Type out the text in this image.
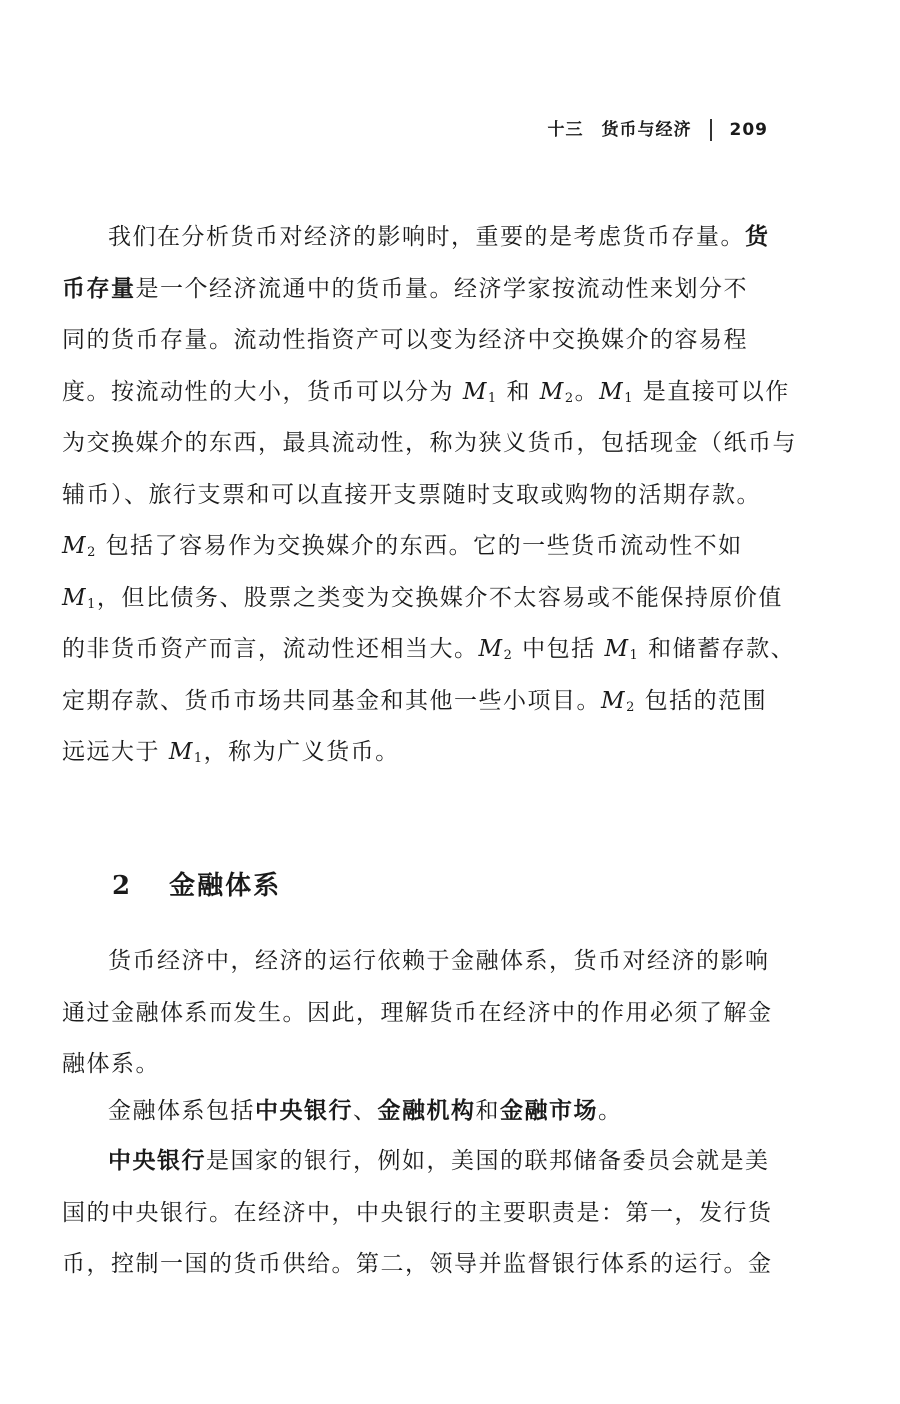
十三 货币与经济 209

我们在分析货币对经济的影响时，重要的是考虑货币存量。货
币存量是一个经济流通中的货币量。经济学家按流动性来划分不
同的货币存量。流动性指资产可以变为经济中交换媒介的容易程
度。按流动性的大小，货币可以分为 $M_1$ 和 $M_2$。$M_1$ 是直接可以作
为交换媒介的东西，最具流动性，称为狭义货币，包括现金（纸币与
辅币）、旅行支票和可以直接开支票随时支取或购物的活期存款。
$M_2$ 包括了容易作为交换媒介的东西。它的一些货币流动性不如
$M_1$，但比债务、股票之类变为交换媒介不太容易或不能保持原价值
的非货币资产而言，流动性还相当大。$M_2$ 中包括 $M_1$ 和储蓄存款、
定期存款、货币市场共同基金和其他一些小项目。$M_2$ 包括的范围
远远大于 $M_1$，称为广义货币。

2 金融体系

货币经济中，经济的运行依赖于金融体系，货币对经济的影响
通过金融体系而发生。因此，理解货币在经济中的作用必须了解金
融体系。

金融体系包括中央银行、金融机构和金融市场。

中央银行是国家的银行，例如，美国的联邦储备委员会就是美
国的中央银行。在经济中，中央银行的主要职责是：第一，发行货
币，控制一国的货币供给。第二，领导并监督银行体系的运行。金
